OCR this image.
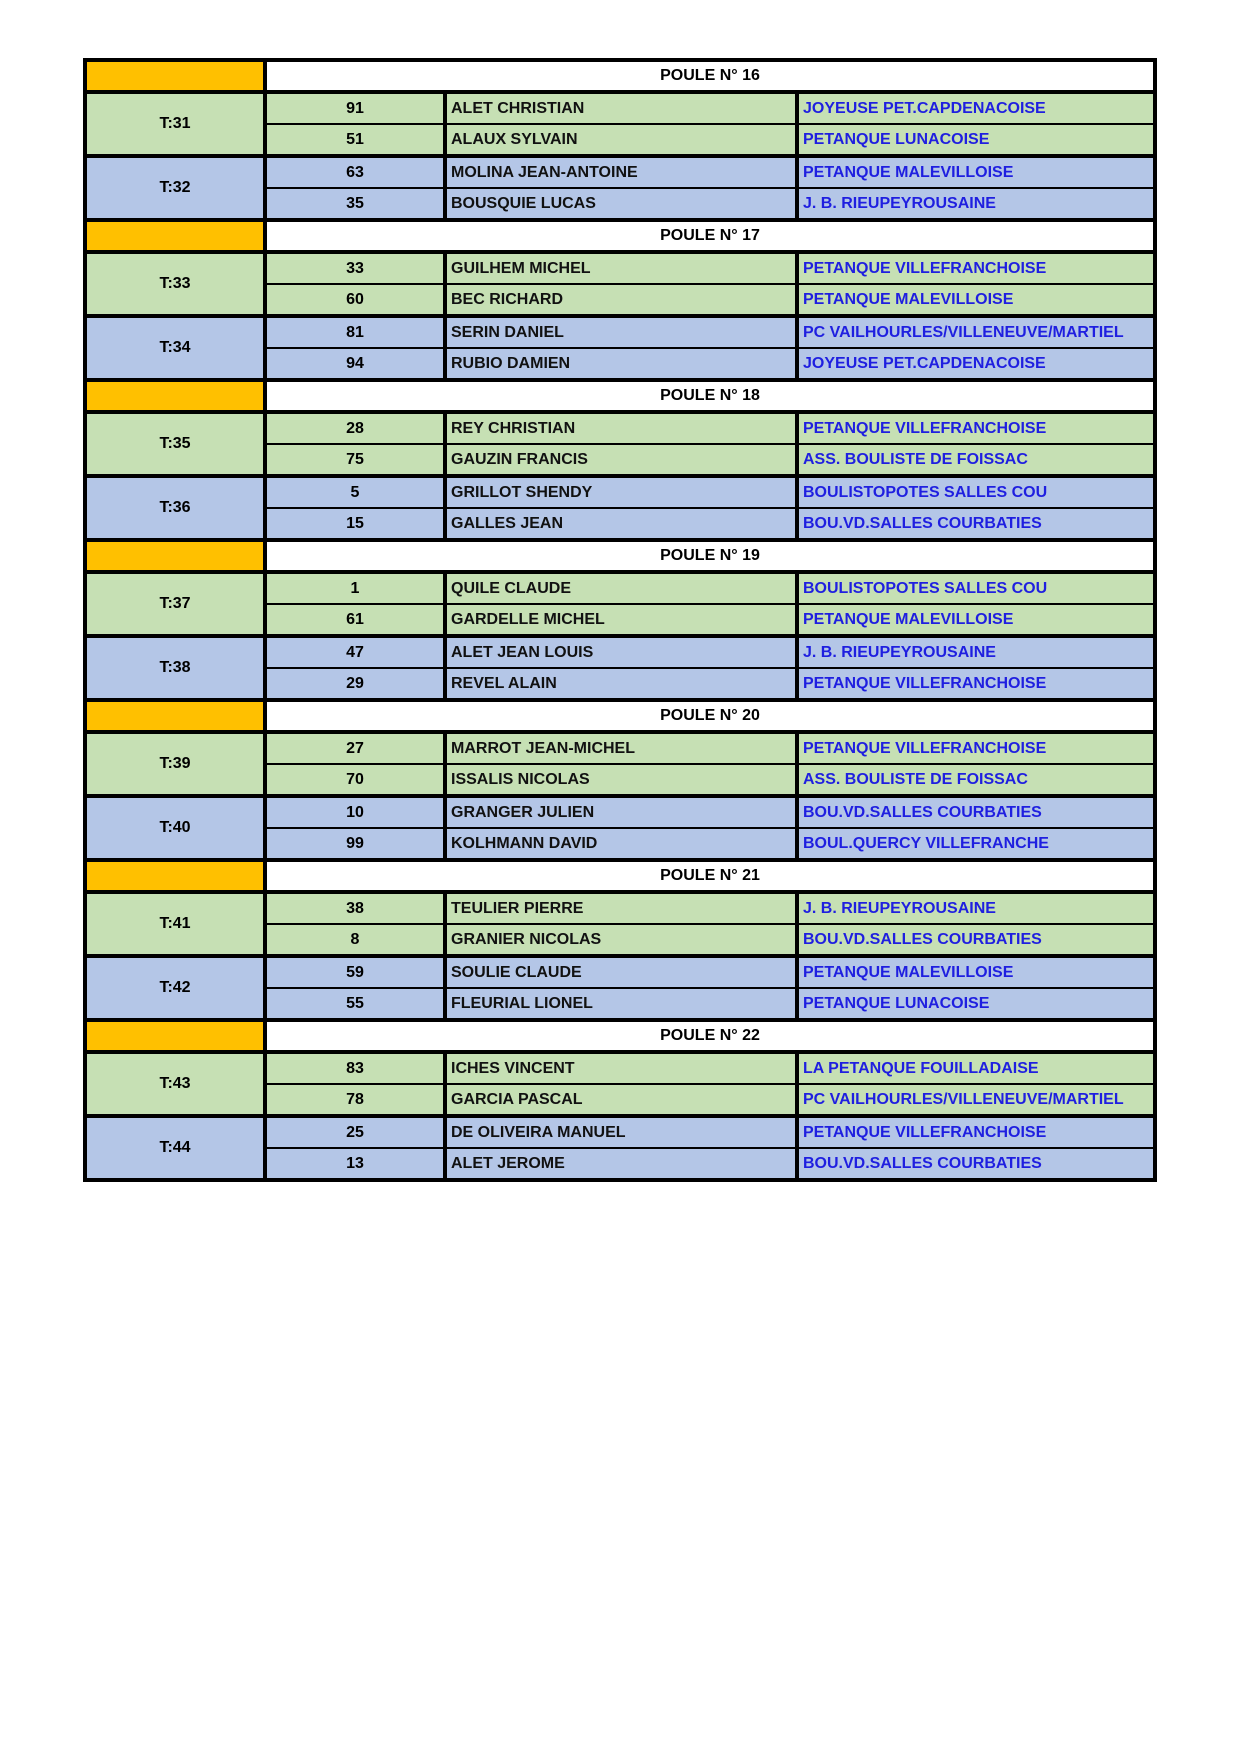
	POULE N° 16		
T:31	91	ALET CHRISTIAN	JOYEUSE PET.CAPDENACOISE
	51	ALAUX SYLVAIN	PETANQUE LUNACOISE
T:32	63	MOLINA JEAN-ANTOINE	PETANQUE MALEVILLOISE
	35	BOUSQUIE LUCAS	J. B. RIEUPEYROUSAINE
	POULE N° 17		
T:33	33	GUILHEM MICHEL	PETANQUE VILLEFRANCHOISE
	60	BEC RICHARD	PETANQUE MALEVILLOISE
T:34	81	SERIN DANIEL	PC VAILHOURLES/VILLENEUVE/MARTIEL
	94	RUBIO DAMIEN	JOYEUSE PET.CAPDENACOISE
	POULE N° 18		
T:35	28	REY CHRISTIAN	PETANQUE VILLEFRANCHOISE
	75	GAUZIN FRANCIS	ASS. BOULISTE DE FOISSAC
T:36	5	GRILLOT SHENDY	BOULISTOPOTES SALLES COU
	15	GALLES JEAN	BOU.VD.SALLES COURBATIES
	POULE N° 19		
T:37	1	QUILE CLAUDE	BOULISTOPOTES SALLES COU
	61	GARDELLE MICHEL	PETANQUE MALEVILLOISE
T:38	47	ALET JEAN LOUIS	J. B. RIEUPEYROUSAINE
	29	REVEL ALAIN	PETANQUE VILLEFRANCHOISE
	POULE N° 20		
T:39	27	MARROT JEAN-MICHEL	PETANQUE VILLEFRANCHOISE
	70	ISSALIS NICOLAS	ASS. BOULISTE DE FOISSAC
T:40	10	GRANGER JULIEN	BOU.VD.SALLES COURBATIES
	99	KOLHMANN DAVID	BOUL.QUERCY VILLEFRANCHE
	POULE N° 21		
T:41	38	TEULIER PIERRE	J. B. RIEUPEYROUSAINE
	8	GRANIER NICOLAS	BOU.VD.SALLES COURBATIES
T:42	59	SOULIE CLAUDE	PETANQUE MALEVILLOISE
	55	FLEURIAL LIONEL	PETANQUE LUNACOISE
	POULE N° 22		
T:43	83	ICHES VINCENT	LA PETANQUE FOUILLADAISE
	78	GARCIA PASCAL	PC VAILHOURLES/VILLENEUVE/MARTIEL
T:44	25	DE OLIVEIRA MANUEL	PETANQUE VILLEFRANCHOISE
	13	ALET JEROME	BOU.VD.SALLES COURBATIES
